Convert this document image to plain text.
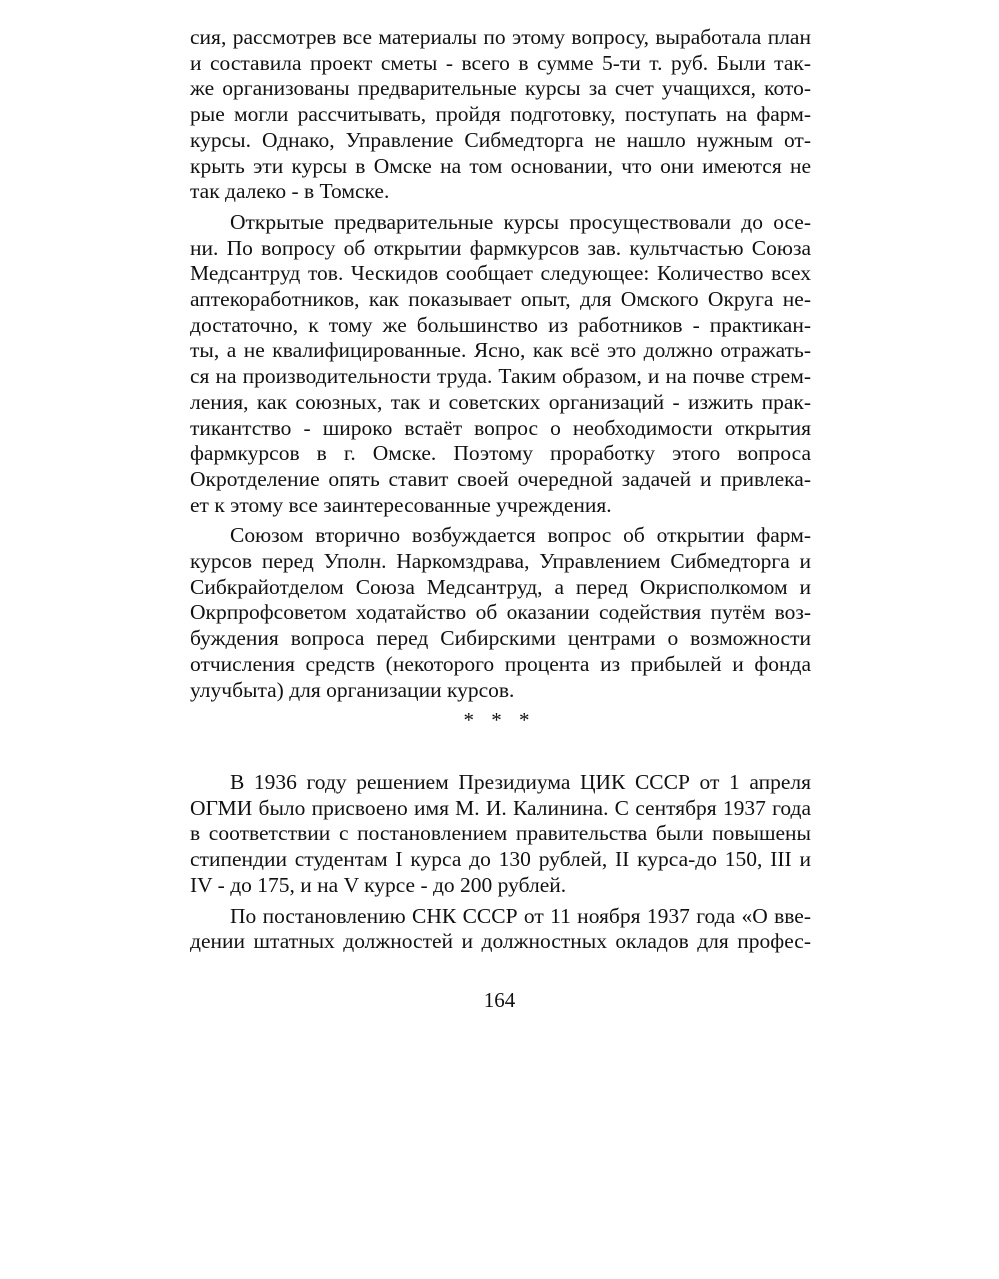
сия, рассмотрев все материалы по этому вопросу, выработала план
и составила проект сметы - всего в сумме 5-ти т. руб. Были так-
же организованы предварительные курсы за счет учащихся, кото-
рые могли рассчитывать, пройдя подготовку, поступать на фарм-
курсы. Однако, Управление Сибмедторга не нашло нужным от-
крыть эти курсы в Омске на том основании, что они имеются не
так далеко - в Томске.
Открытые предварительные курсы просуществовали до осе-
ни. По вопросу об открытии фармкурсов зав. культчастью Союза
Медсантруд тов. Ческидов сообщает следующее: Количество всех
аптекоработников, как показывает опыт, для Омского Округа не-
достаточно, к тому же большинство из работников - практикан-
ты, а не квалифицированные. Ясно, как всё это должно отражать-
ся на производительности труда. Таким образом, и на почве стрем-
ления, как союзных, так и советских организаций - изжить прак-
тикантство - широко встаёт вопрос о необходимости открытия
фармкурсов в г. Омске. Поэтому проработку этого вопроса
Окротделение опять ставит своей очередной задачей и привлека-
ет к этому все заинтересованные учреждения.
Союзом вторично возбуждается вопрос об открытии фарм-
курсов перед Уполн. Наркомздрава, Управлением Сибмедторга и
Сибкрайотделом Союза Медсантруд, а перед Окрисполкомом и
Окрпрофсоветом ходатайство об оказании содействия путём воз-
буждения вопроса перед Сибирскими центрами о возможности
отчисления средств (некоторого процента из прибылей и фонда
улучбыта) для организации курсов.
* * *
В 1936 году решением Президиума ЦИК СССР от 1 апреля
ОГМИ было присвоено имя М. И. Калинина. С сентября 1937 года
в соответствии с постановлением правительства были повышены
стипендии студентам I курса до 130 рублей, II курса-до 150, III и
IV - до 175, и на V курсе - до 200 рублей.
По постановлению СНК СССР от 11 ноября 1937 года «О вве-
дении штатных должностей и должностных окладов для профес-
164
